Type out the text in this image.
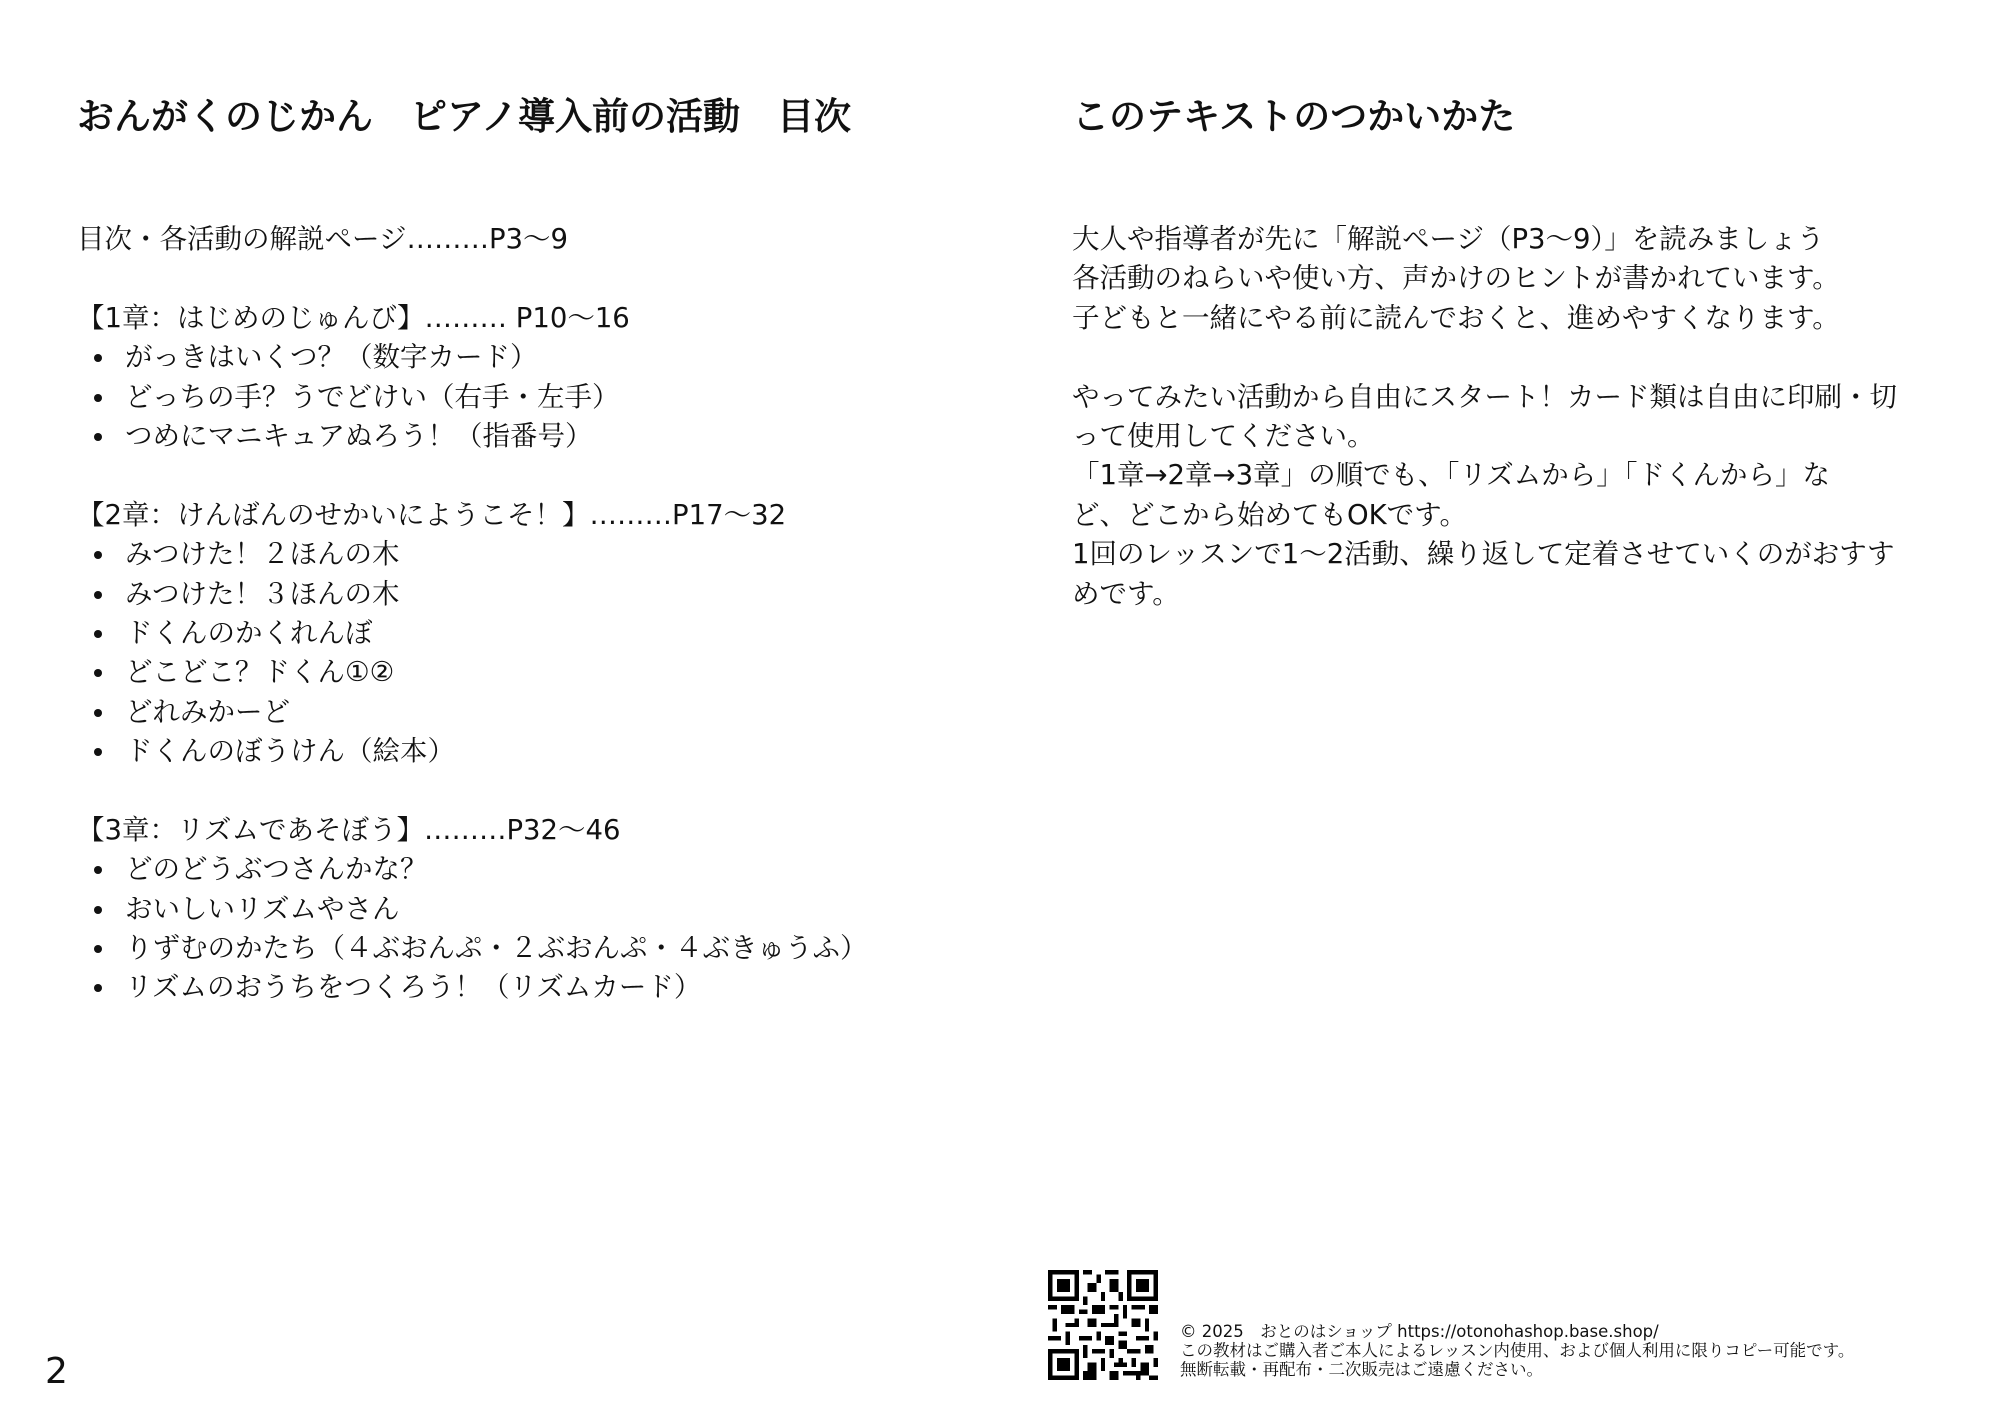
おんがくのじかん　ピアノ導入前の活動　目次
目次・各活動の解説ページ………P3〜9
【1章：はじめのじゅんび】……… P10〜16
がっきはいくつ？（数字カード）
どっちの手？うでどけい（右手・左手）
つめにマニキュアぬろう！（指番号）
【2章：けんばんのせかいにようこそ！】………P17〜32
みつけた！２ほんの木
みつけた！３ほんの木
ドくんのかくれんぼ
どこどこ？ドくん①②
どれみかーど
ドくんのぼうけん（絵本）
【3章：リズムであそぼう】………P32〜46
どのどうぶつさんかな？
おいしいリズムやさん
りずむのかたち（４ぶおんぷ・２ぶおんぷ・４ぶきゅうふ）
リズムのおうちをつくろう！（リズムカード）
このテキストのつかいかた

大人や指導者が先に「解説ページ（P3〜9）」を読みましょう

各活動のねらいや使い方、声かけのヒントが書かれています。

子どもと一緒にやる前に読んでおくと、進めやすくなります。

やってみたい活動から自由にスタート！カード類は自由に印刷・切

って使用してください。

「1章→2章→3章」の順でも、「リズムから」「ドくんから」な

ど、どこから始めてもOKです。

1回のレッスンで1〜2活動、繰り返して定着させていくのがおすす

めです。

2
© 2025　おとのはショップ https://otonohashop.base.shop/
この教材はご購入者ご本人によるレッスン内使用、および個人利用に限りコピー可能です。
無断転載・再配布・二次販売はご遠慮ください。
